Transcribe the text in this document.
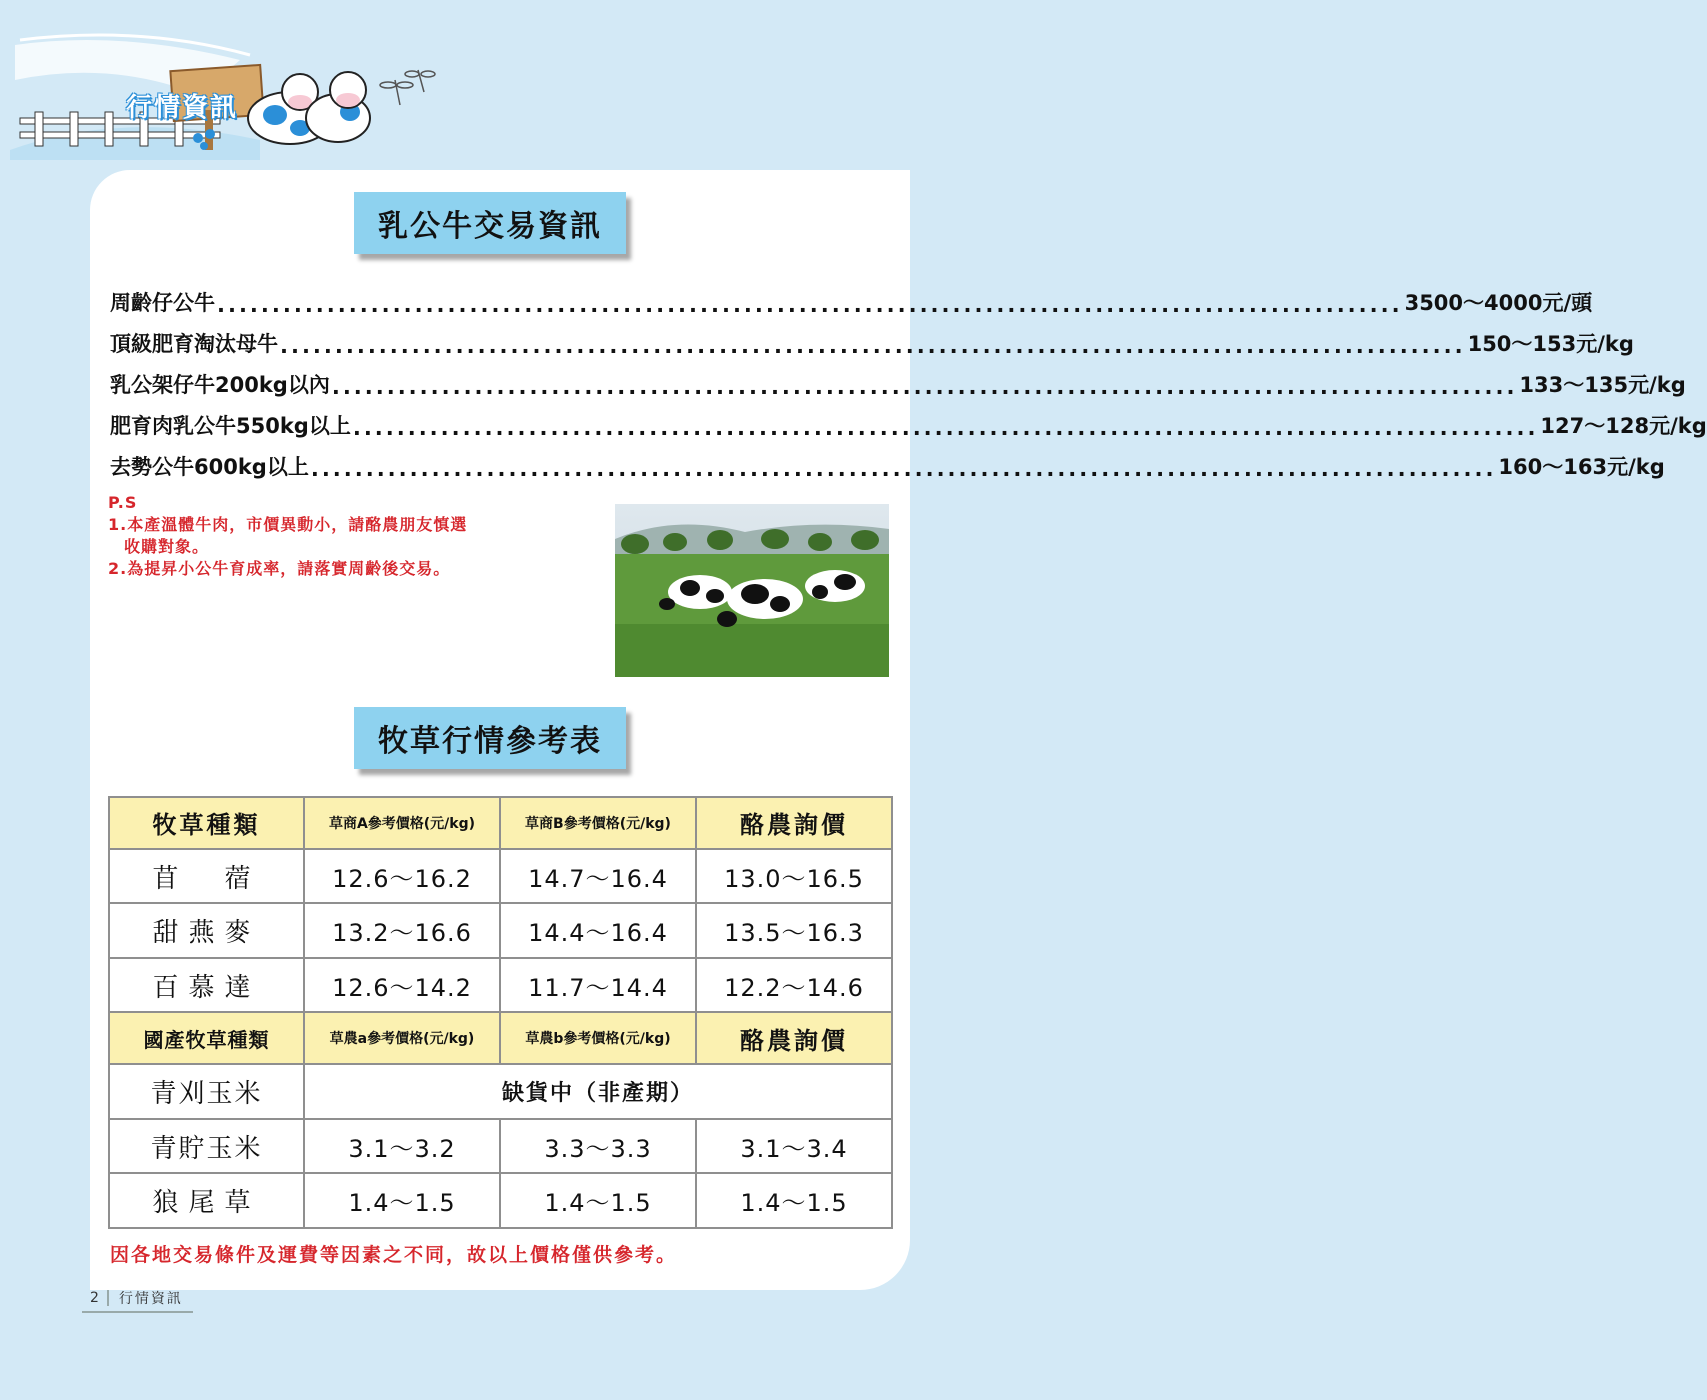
行情資訊
乳公牛交易資訊
周齡仔公牛 ............................................................................................................ 3500～4000元/頭
頂級肥育淘汰母牛 ............................................................................................................ 150～153元/kg
乳公架仔牛200kg以內 ............................................................................................................ 133～135元/kg
肥育肉乳公牛550kg以上 ............................................................................................................ 127～128元/kg
去勢公牛600kg以上 ............................................................................................................ 160～163元/kg
P.S
1.本產溫體牛肉，市價異動小，請酪農朋友慎選
收購對象。
2.為提昇小公牛育成率，請落實周齡後交易。
牧草行情參考表
牧草種類	草商A參考價格(元/kg)	草商B參考價格(元/kg)	酪農詢價
苜　蓿	12.6～16.2	14.7～16.4	13.0～16.5
甜燕麥	13.2～16.6	14.4～16.4	13.5～16.3
百慕達	12.6～14.2	11.7～14.4	12.2～14.6
國產牧草種類	草農a參考價格(元/kg)	草農b參考價格(元/kg)	酪農詢價
青刈玉米	缺貨中（非產期）		
青貯玉米	3.1～3.2	3.3～3.3	3.1～3.4
狼尾草	1.4～1.5	1.4～1.5	1.4～1.5
因各地交易條件及運費等因素之不同，故以上價格僅供參考。
2	行情資訊
